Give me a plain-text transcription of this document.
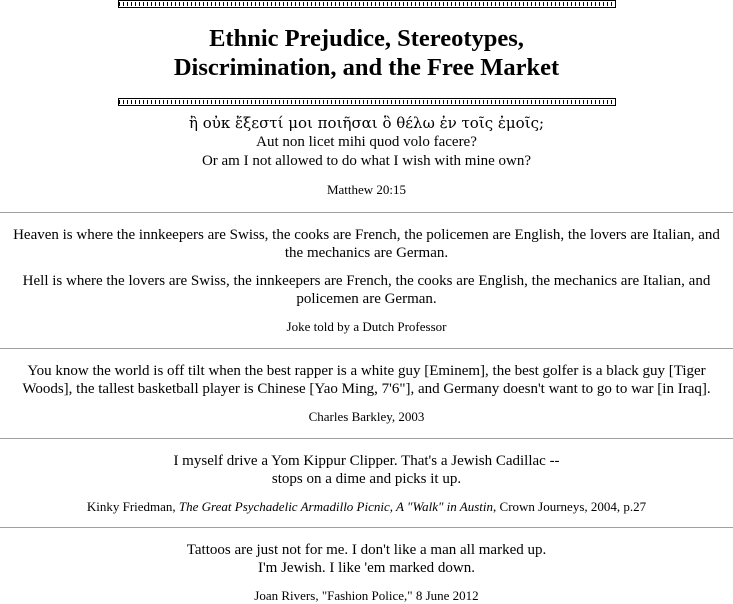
Ethnic Prejudice, Stereotypes,
Discrimination, and the Free Market
ἢ οὐκ ἔξεστί μοι ποιῆσαι ὃ θέλω ἐν τοῖς ἐμοῖς;
Aut non licet mihi quod volo facere?
Or am I not allowed to do what I wish with mine own?
Matthew 20:15
Heaven is where the innkeepers are Swiss, the cooks are French, the policemen are English, the lovers are Italian, and the mechanics are German.
Hell is where the lovers are Swiss, the innkeepers are French, the cooks are English, the mechanics are Italian, and policemen are German.
Joke told by a Dutch Professor
You know the world is off tilt when the best rapper is a white guy [Eminem], the best golfer is a black guy [Tiger Woods], the tallest basketball player is Chinese [Yao Ming, 7'6"], and Germany doesn't want to go to war [in Iraq].
Charles Barkley, 2003
I myself drive a Yom Kippur Clipper. That's a Jewish Cadillac --
stops on a dime and picks it up.
Kinky Friedman, The Great Psychadelic Armadillo Picnic, A "Walk" in Austin, Crown Journeys, 2004, p.27
Tattoos are just not for me. I don't like a man all marked up.
I'm Jewish. I like 'em marked down.
Joan Rivers, "Fashion Police," 8 June 2012
